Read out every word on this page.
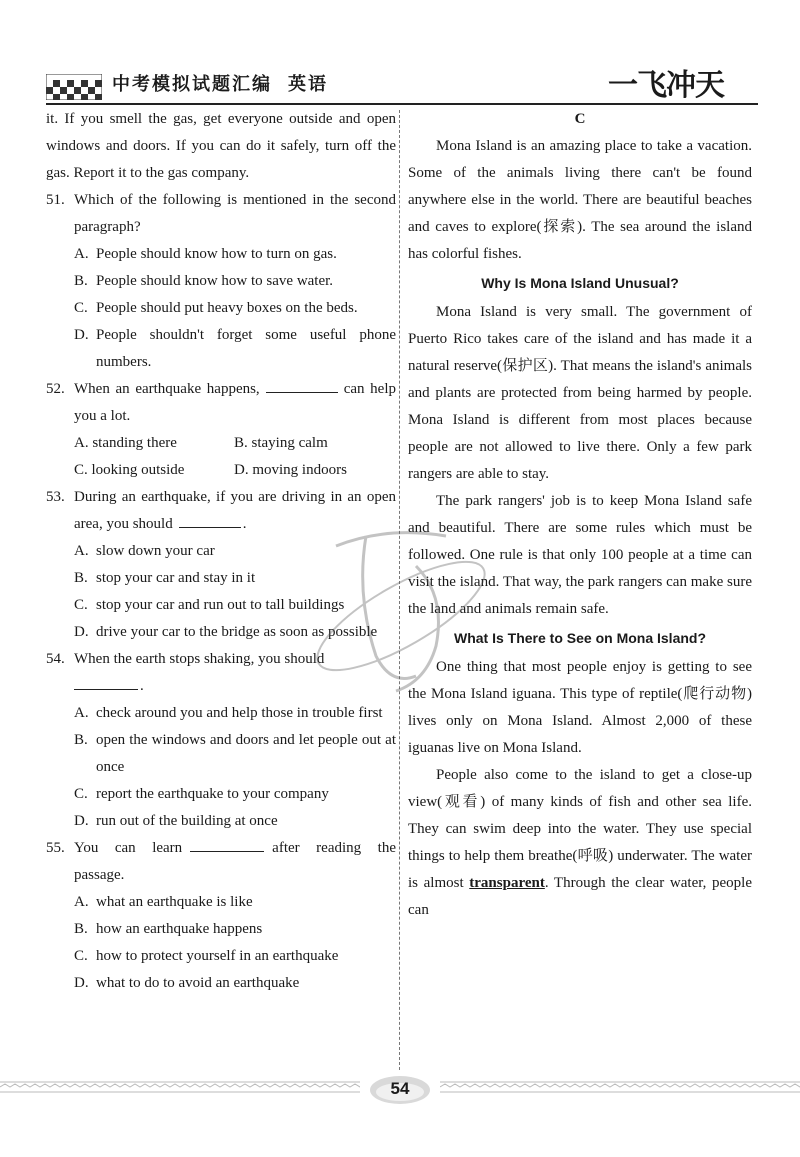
中考模拟试题汇编 英语	一飞冲天

it. If you smell the gas, get everyone outside and open windows and doors. If you can do it safely, turn off the gas. Report it to the gas company.

51. Which of the following is mentioned in the second paragraph?
A. People should know how to turn on gas.
B. People should know how to save water.
C. People should put heavy boxes on the beds.
D. People shouldn't forget some useful phone numbers.
52. When an earthquake happens,	can help you a lot.
A. standing there	B. staying calm
C. looking outside	D. moving indoors
53. During an earthquake, if you are driving in an open area, you should	.
A. slow down your car
B. stop your car and stay in it
C. stop your car and run out to tall buildings
D. drive your car to the bridge as soon as possible
54. When the earth stops shaking, you should
.
A. check around you and help those in trouble first
B. open the windows and doors and let people out at once
C. report the earthquake to your company
D. run out of the building at once
55. You can learn	after reading the passage.
A. what an earthquake is like
B. how an earthquake happens
C. how to protect yourself in an earthquake
D. what to do to avoid an earthquake

C

Mona Island is an amazing place to take a vacation. Some of the animals living there can't be found anywhere else in the world. There are beautiful beaches and caves to explore(探索). The sea around the island has colorful fishes.

Why Is Mona Island Unusual?

Mona Island is very small. The government of Puerto Rico takes care of the island and has made it a natural reserve(保护区). That means the island's animals and plants are protected from being harmed by people. Mona Island is different from most places because people are not allowed to live there. Only a few park rangers are able to stay.

The park rangers' job is to keep Mona Island safe and beautiful. There are some rules which must be followed. One rule is that only 100 people at a time can visit the island. That way, the park rangers can make sure the land and animals remain safe.

What Is There to See on Mona Island?

One thing that most people enjoy is getting to see the Mona Island iguana. This type of reptile(爬行动物) lives only on Mona Island. Almost 2,000 of these iguanas live on Mona Island.

People also come to the island to get a close-up view(观看) of many kinds of fish and other sea life. They can swim deep into the water. They use special things to help them breathe(呼吸) underwater. The water is almost transparent. Through the clear water, people can

54
